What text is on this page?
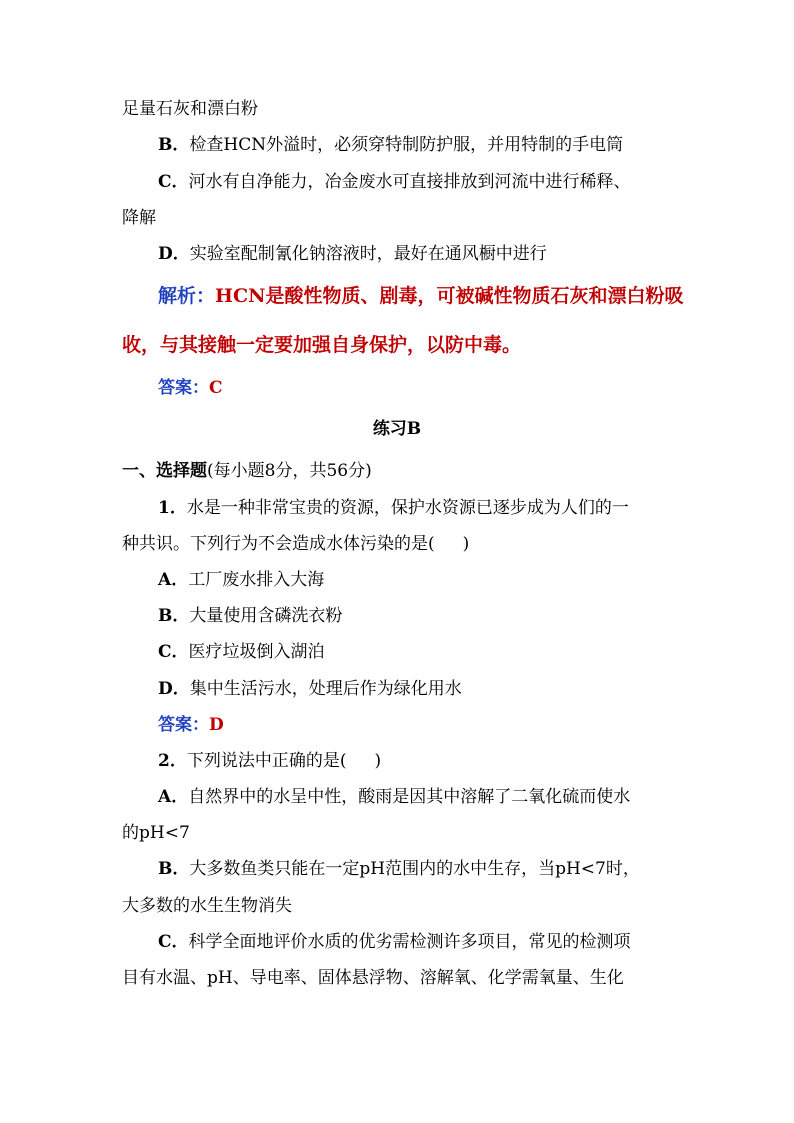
足量石灰和漂白粉
B．检查HCN外溢时，必须穿特制防护服，并用特制的手电筒
C．河水有自净能力，冶金废水可直接排放到河流中进行稀释、
降解
D．实验室配制氰化钠溶液时，最好在通风橱中进行
解析：HCN是酸性物质、剧毒，可被碱性物质石灰和漂白粉吸
收，与其接触一定要加强自身保护，以防中毒。
答案：C
练习B
一、选择题(每小题8分，共56分)
1．水是一种非常宝贵的资源，保护水资源已逐步成为人们的一
种共识。下列行为不会造成水体污染的是( )
A．工厂废水排入大海
B．大量使用含磷洗衣粉
C．医疗垃圾倒入湖泊
D．集中生活污水，处理后作为绿化用水
答案：D
2．下列说法中正确的是( )
A．自然界中的水呈中性，酸雨是因其中溶解了二氧化硫而使水
的pH<7
B．大多数鱼类只能在一定pH范围内的水中生存，当pH<7时，
大多数的水生生物消失
C．科学全面地评价水质的优劣需检测许多项目，常见的检测项
目有水温、pH、导电率、固体悬浮物、溶解氧、化学需氧量、生化
